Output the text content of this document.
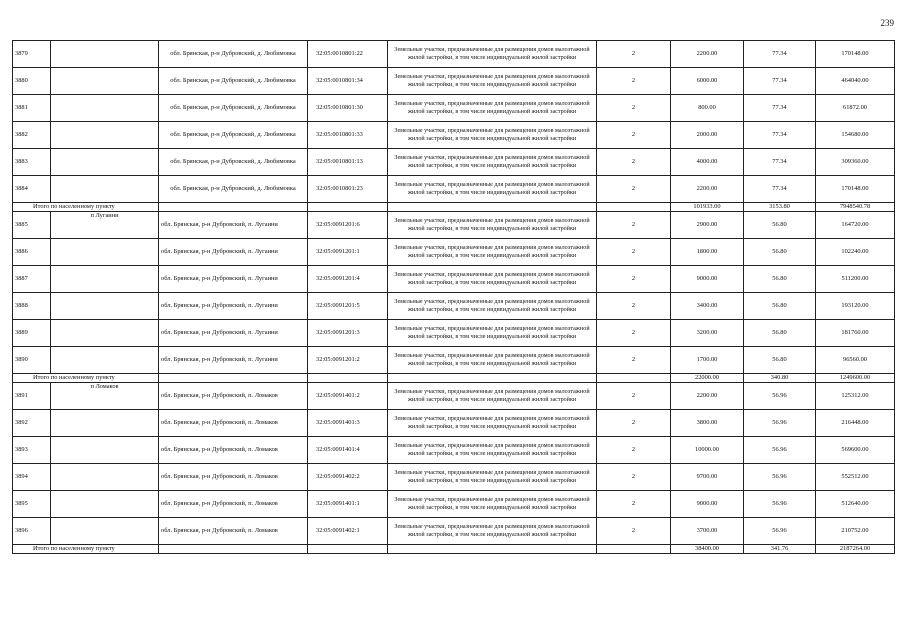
239
3879		обл. Брянская, р-н Дубровский, д. Любимовка	32:05:0010801:22	Земельные участки, предназначенные для размещения домов малоэтажной жилой застройки, в том числе индивидуальной жилой застройки	2	2200.00	77.34	170148.00
3880		обл. Брянская, р-н Дубровский, д. Любимовка	32:05:0010801:34	Земельные участки, предназначенные для размещения домов малоэтажной жилой застройки, в том числе индивидуальной жилой застройки	2	6000.00	77.34	464040.00
3881		обл. Брянская, р-н Дубровский, д. Любимовка	32:05:0010801:30	Земельные участки, предназначенные для размещения домов малоэтажной жилой застройки, в том числе индивидуальной жилой застройки	2	800.00	77.34	61872.00
3882		обл. Брянская, р-н Дубровский, д. Любимовка	32:05:0010801:33	Земельные участки, предназначенные для размещения домов малоэтажной жилой застройки, в том числе индивидуальной жилой застройки	2	2000.00	77.34	154680.00
3883		обл. Брянская, р-н Дубровский, д. Любимовка	32:05:0010801:13	Земельные участки, предназначенные для размещения домов малоэтажной жилой застройки, в том числе индивидуальной жилой застройки	2	4000.00	77.34	309360.00
3884		обл. Брянская, р-н Дубровский, д. Любимовка	32:05:0010801:23	Земельные участки, предназначенные для размещения домов малоэтажной жилой застройки, в том числе индивидуальной жилой застройки	2	2200.00	77.34	170148.00
Итого по населенному пункту						101933.00	3153.80	7948540.78
3885	п Лугаини	обл. Брянская, р-н Дубровский, п. Лугаини	32:05:0091201:6	Земельные участки, предназначенные для размещения домов малоэтажной жилой застройки, в том числе индивидуальной жилой застройки	2	2900.00	56.80	164720.00
3886		обл. Брянская, р-н Дубровский, п. Лугаини	32:05:0091201:1	Земельные участки, предназначенные для размещения домов малоэтажной жилой застройки, в том числе индивидуальной жилой застройки	2	1800.00	56.80	102240.00
3887		обл. Брянская, р-н Дубровский, п. Лугаини	32:05:0091201:4	Земельные участки, предназначенные для размещения домов малоэтажной жилой застройки, в том числе индивидуальной жилой застройки	2	9000.00	56.80	511200.00
3888		обл. Брянская, р-н Дубровский, п. Лугаини	32:05:0091201:5	Земельные участки, предназначенные для размещения домов малоэтажной жилой застройки, в том числе индивидуальной жилой застройки	2	3400.00	56.80	193120.00
3889		обл. Брянская, р-н Дубровский, п. Лугаини	32:05:0091201:3	Земельные участки, предназначенные для размещения домов малоэтажной жилой застройки, в том числе индивидуальной жилой застройки	2	3200.00	56.80	181760.00
3890		обл. Брянская, р-н Дубровский, п. Лугаини	32:05:0091201:2	Земельные участки, предназначенные для размещения домов малоэтажной жилой застройки, в том числе индивидуальной жилой застройки	2	1700.00	56.80	96560.00
Итого по населенному пункту						22000.00	340.80	1249600.00
3891	п Ломаков	обл. Брянская, р-н Дубровский, п. Ломаков	32:05:0091401:2	Земельные участки, предназначенные для размещения домов малоэтажной жилой застройки, в том числе индивидуальной жилой застройки	2	2200.00	56.96	125312.00
3892		обл. Брянская, р-н Дубровский, п. Ломаков	32:05:0091401:3	Земельные участки, предназначенные для размещения домов малоэтажной жилой застройки, в том числе индивидуальной жилой застройки	2	3800.00	56.96	216448.00
3893		обл. Брянская, р-н Дубровский, п. Ломаков	32:05:0091401:4	Земельные участки, предназначенные для размещения домов малоэтажной жилой застройки, в том числе индивидуальной жилой застройки	2	10000.00	56.96	569600.00
3894		обл. Брянская, р-н Дубровский, п. Ломаков	32:05:0091402:2	Земельные участки, предназначенные для размещения домов малоэтажной жилой застройки, в том числе индивидуальной жилой застройки	2	9700.00	56.96	552512.00
3895		обл. Брянская, р-н Дубровский, п. Ломаков	32:05:0091401:1	Земельные участки, предназначенные для размещения домов малоэтажной жилой застройки, в том числе индивидуальной жилой застройки	2	9000.00	56.96	512640.00
3896		обл. Брянская, р-н Дубровский, п. Ломаков	32:05:0091402:1	Земельные участки, предназначенные для размещения домов малоэтажной жилой застройки, в том числе индивидуальной жилой застройки	2	3700.00	56.96	210752.00
Итого по населенному пункту						38400.00	341.76	2187264.00
